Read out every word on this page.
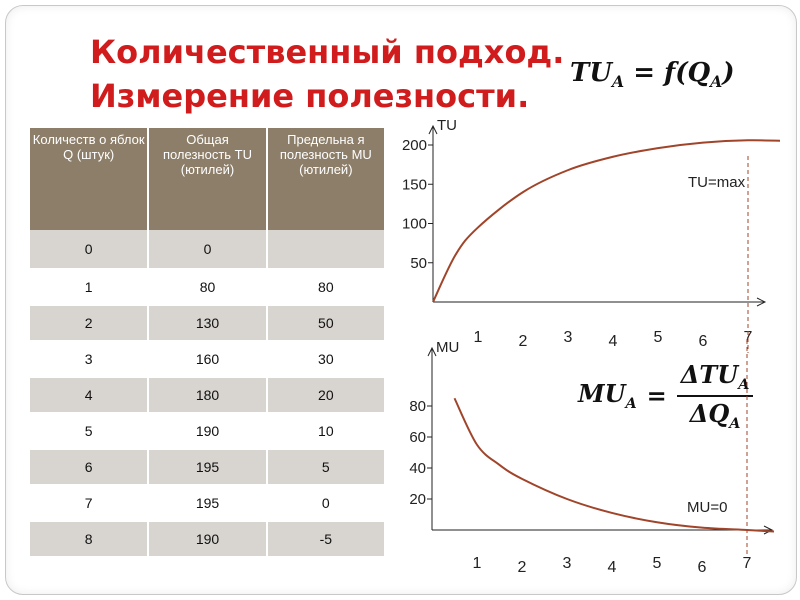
Количественный подход.
Измерение полезности.
$TU_A = f(Q_A)$
$MU_A = \frac{\Delta TU_A}{\Delta Q_A}$
Количеств о яблок Q (штук)	Общая полезность TU (ютилей)	Предельна я полезность MU (ютилей)
0	0	
1	80	80
2	130	50
3	160	30
4	180	20
5	190	10
6	195	5
7	195	0
8	190	-5
TU
50
100
150
200
1 2 3 4 5 6 7
TU=max
MU
20
40
60
80
1 2 3 4 5 6 7
MU=0
